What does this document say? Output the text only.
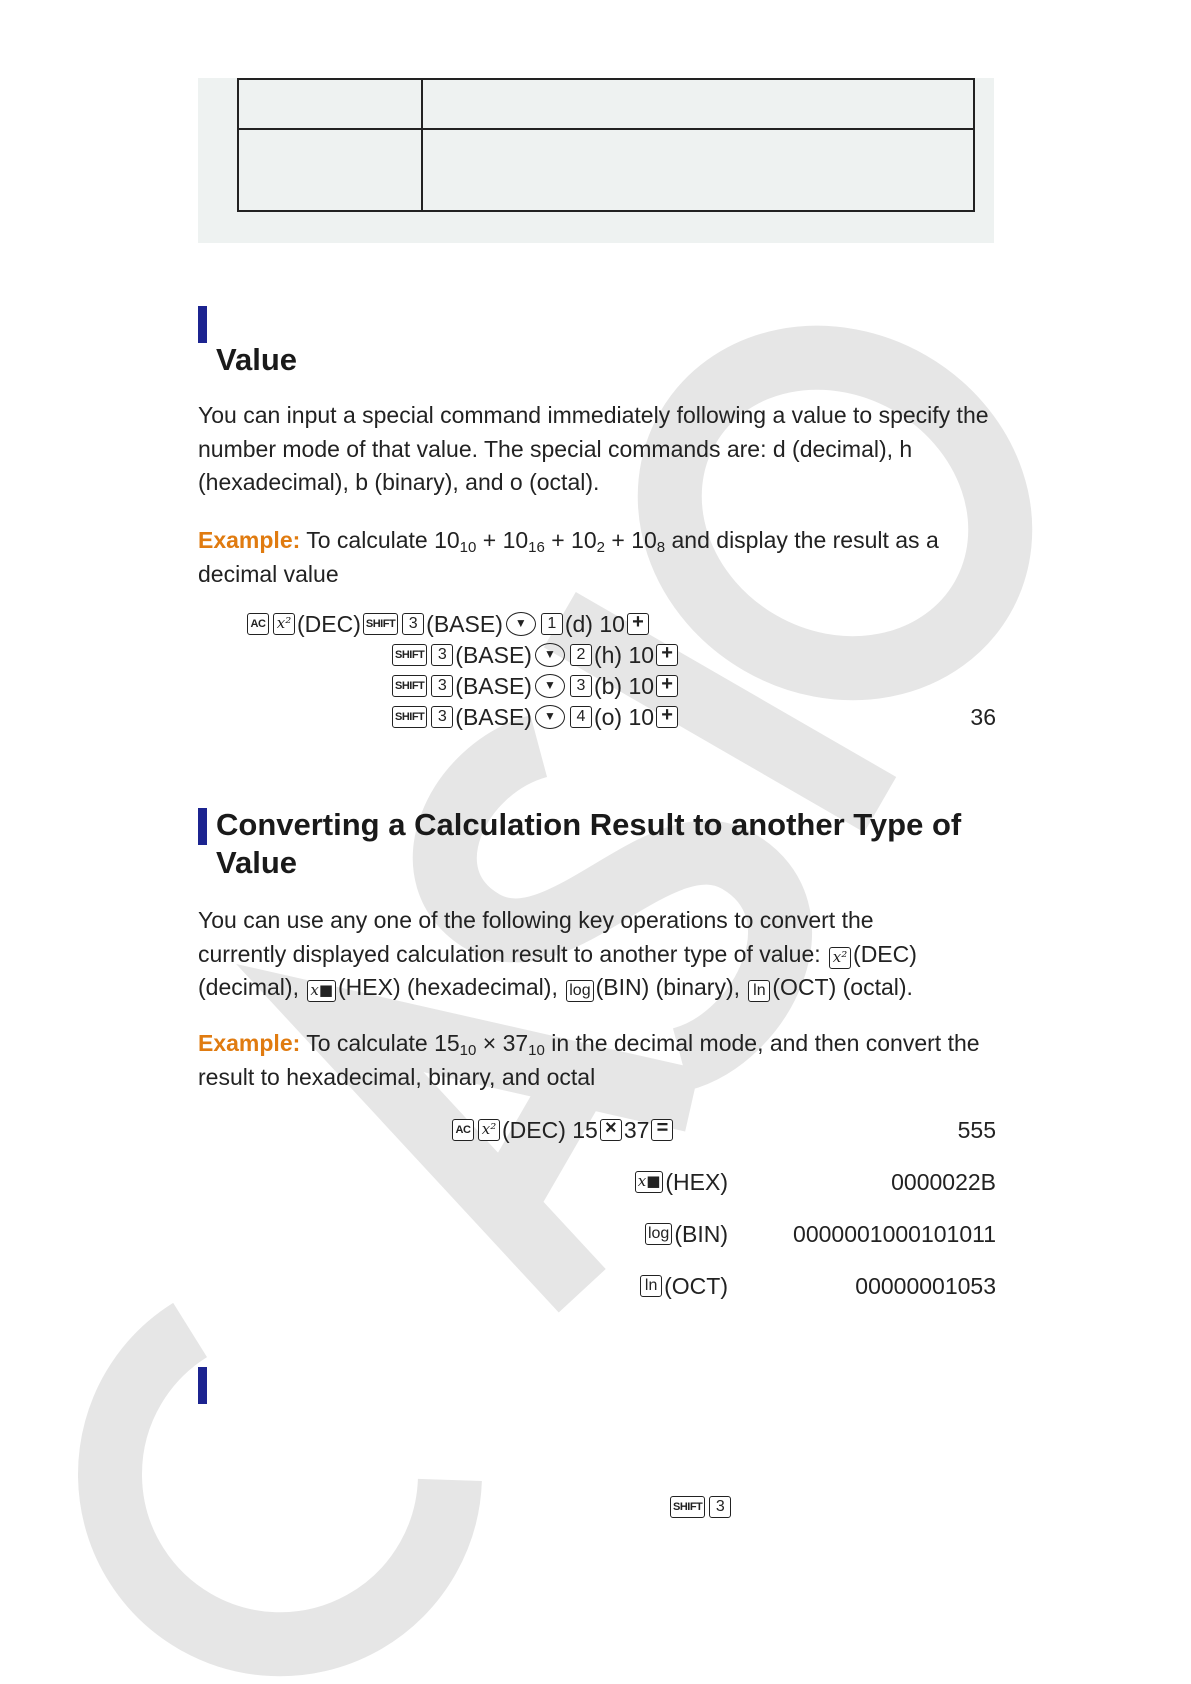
Value

You can input a special command immediately following a value to specify the number mode of that value. The special commands are: d (decimal), h (hexadecimal), b (binary), and o (octal).

Example: To calculate $10_{10} + 10_{16} + 10_2 + 10_8$ and display the result as a decimal value

AC x² (DEC) SHIFT 3 (BASE)	▼	1 (d) 10 +
SHIFT 3 (BASE)	▼	2 (h) 10 +
SHIFT 3 (BASE)	▼	3 (b) 10 +
SHIFT 3 (BASE)	▼	4 (o) 10 +	36
Converting a Calculation Result to another Type of
Value

You can use any one of the following key operations to convert the
currently displayed calculation result to another type of value: x² (DEC)
(decimal), x■ (HEX) (hexadecimal), log (BIN) (binary), ln (OCT) (octal).

Example: To calculate $15_{10} \times 37_{10}$ in the decimal mode, and then convert the result to hexadecimal, binary, and octal

AC x² (DEC) 15 × 37 =	555
x■ (HEX)	0000022B
log (BIN)	0000001000101011
ln (OCT)	00000001053
SHIFT 3
